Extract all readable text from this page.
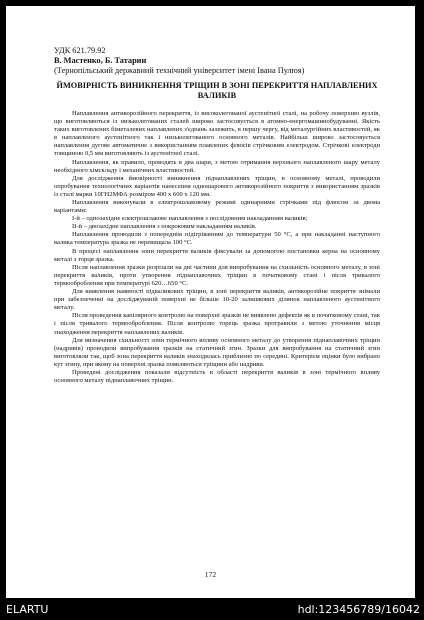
УДК 621.79.92
В. Мастенко, Б. Татарин
(Тернопільський державний технічний університет імені Івана Пулюя)
ЙМОВІРНІСТЬ ВИНИКНЕННЯ ТРІЩИН В ЗОНІ ПЕРЕКРИТТЯ НАПЛАВЛЕНИХ ВАЛИКІВ

Наплавлення антикорозійного перекриття, із високолегованої аустенітної сталі, на робочу поверхню вузлів, що виготовляються із низьколегованих сталей широко застосовується в атомно-енергомашинобудуванні. Якість таких виготовлених біметалевих наплавлених з'єднань залежить, в першу чергу, від металургійних властивостей, як в наплавленого аустенітного так і низьколегованого основного металів. Найбільш широко застосовується наплавлення дугове автоматичне з використанням плавлених флюсів стрічковим електродом. Стрічкові електроди товщиною 0,5 мм виготовляють із аустенітної сталі.

Наплавлення, як правило, проводять в два шари, з метою отримання верхнього наплавленого шару металу необхідного хімскладу і механічних властивостей.

Для дослідження ймовірності виникнення піднаплавлених тріщин, в основному металі, проводили опробування технологічних варіантів нанесення одношарового антикорозійного покриття з використанням зразків із сталі марки 10ГН2МФА розміром 400 х 600 х 120 мм.

Наплавлення виконували в електрошлаковому режимі одинарними стрічками під флюсом за двома варіантами:

І-й – одноэахідне електрошлакове наплавлення з послідовним накладанням валиків;

ІІ-й – двозахідне наплавлення з покроковим накладанням валиків.

Наплавлення проводили з попереднім підігріванням до температури 50 °С, а при накладанні наступного валика температура зразка не перевищала 100 °С.

В процесі наплавлення зони перекриття валиків фіксували за допомогою постановки керна на основному металі з торця зразка.

Після наплавлення зразки розрізали на дві частини для випробування на схильність основного металу, в зоні перекриття валиків, проти утворення піднаплавочних тріщин в початковому стані і після тривалого термообробления при температурі 620…650 °С.

Для виявлення наявності підваликових тріщин, в зоні перекриття валиків, антикорозійне покриття знімали при забезпеченні на досліджуваній поверхні не більше 10-20 залишкових ділянок наплавленого аустенітного металу.

Після проведення капілярного контролю на поверхні зразків не виявлено дефектів як в початковому стані, так і після тривалого термообробления. Після контролю торець зразка протравили з метою уточнення місця знаходження перекриття наплавлених валиків.

Для визначення схильності зони термічного впливу основного металу до утворення піднаплавочних тріщин (надривів) проводили випробування зразків на статичний згин. Зразки для випробування на статичний згин виготовляли так, щоб зона перекриття валиків знаходилась приблизно по середині. Критерієм оцінки було вибрано кут згину, при якому на поверхні зразка появляються тріщини або надриви.

Проведені дослідження показали відсутність в області перекриття валиків в зоні термічного впливу основного металу піднаплавочних тріщин.

172
ELARTU	hdl:123456789/16042
